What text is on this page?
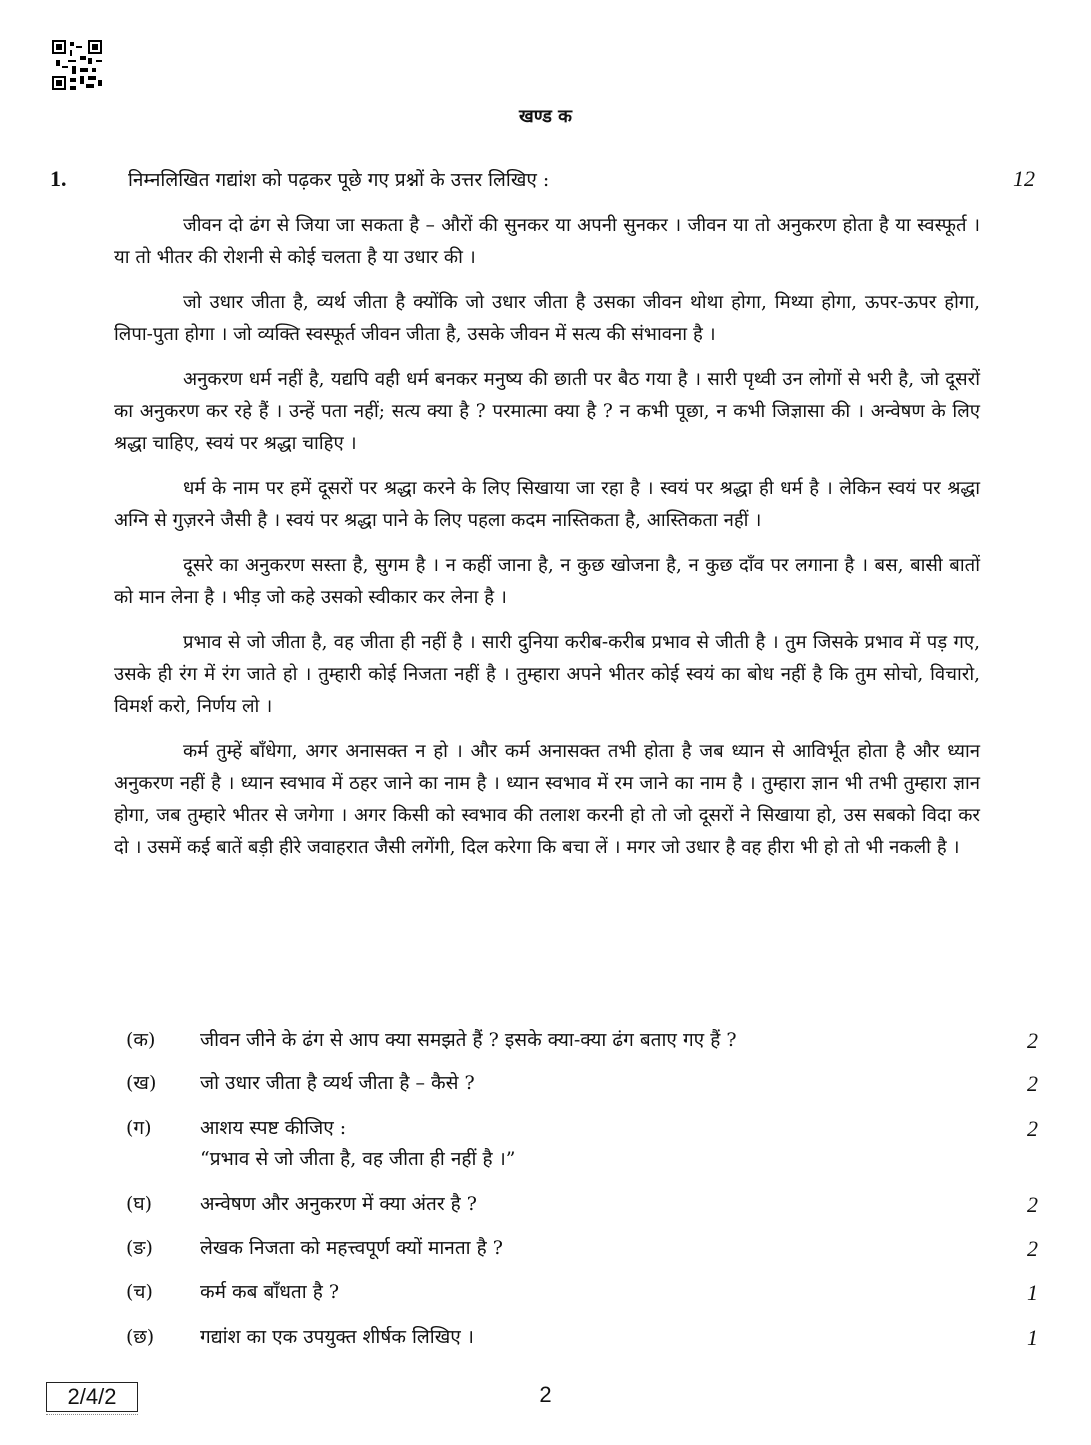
खण्ड क
1.	निम्नलिखित गद्यांश को पढ़कर पूछे गए प्रश्नों के उत्तर लिखिए :	12

जीवन दो ढंग से जिया जा सकता है – औरों की सुनकर या अपनी सुनकर । जीवन या तो अनुकरण होता है या स्वस्फूर्त । या तो भीतर की रोशनी से कोई चलता है या उधार की ।

जो उधार जीता है, व्यर्थ जीता है क्योंकि जो उधार जीता है उसका जीवन थोथा होगा, मिथ्या होगा, ऊपर-ऊपर होगा, लिपा-पुता होगा । जो व्यक्ति स्वस्फूर्त जीवन जीता है, उसके जीवन में सत्य की संभावना है ।

अनुकरण धर्म नहीं है, यद्यपि वही धर्म बनकर मनुष्य की छाती पर बैठ गया है । सारी पृथ्वी उन लोगों से भरी है, जो दूसरों का अनुकरण कर रहे हैं । उन्हें पता नहीं; सत्य क्या है ? परमात्मा क्या है ? न कभी पूछा, न कभी जिज्ञासा की । अन्वेषण के लिए श्रद्धा चाहिए, स्वयं पर श्रद्धा चाहिए ।

धर्म के नाम पर हमें दूसरों पर श्रद्धा करने के लिए सिखाया जा रहा है । स्वयं पर श्रद्धा ही धर्म है । लेकिन स्वयं पर श्रद्धा अग्नि से गुज़रने जैसी है । स्वयं पर श्रद्धा पाने के लिए पहला कदम नास्तिकता है, आस्तिकता नहीं ।

दूसरे का अनुकरण सस्ता है, सुगम है । न कहीं जाना है, न कुछ खोजना है, न कुछ दाँव पर लगाना है । बस, बासी बातों को मान लेना है । भीड़ जो कहे उसको स्वीकार कर लेना है ।

प्रभाव से जो जीता है, वह जीता ही नहीं है । सारी दुनिया करीब-करीब प्रभाव से जीती है । तुम जिसके प्रभाव में पड़ गए, उसके ही रंग में रंग जाते हो । तुम्हारी कोई निजता नहीं है । तुम्हारा अपने भीतर कोई स्वयं का बोध नहीं है कि तुम सोचो, विचारो, विमर्श करो, निर्णय लो ।

कर्म तुम्हें बाँधेगा, अगर अनासक्त न हो । और कर्म अनासक्त तभी होता है जब ध्यान से आविर्भूत होता है और ध्यान अनुकरण नहीं है । ध्यान स्वभाव में ठहर जाने का नाम है । ध्यान स्वभाव में रम जाने का नाम है । तुम्हारा ज्ञान भी तभी तुम्हारा ज्ञान होगा, जब तुम्हारे भीतर से जगेगा । अगर किसी को स्वभाव की तलाश करनी हो तो जो दूसरों ने सिखाया हो, उस सबको विदा कर दो । उसमें कई बातें बड़ी हीरे जवाहरात जैसी लगेंगी, दिल करेगा कि बचा लें । मगर जो उधार है वह हीरा भी हो तो भी नकली है ।

(क) जीवन जीने के ढंग से आप क्या समझते हैं ? इसके क्या-क्या ढंग बताए गए हैं ?	2
(ख) जो उधार जीता है व्यर्थ जीता है – कैसे ?	2
(ग)	आशय स्पष्ट कीजिए :
“प्रभाव से जो जीता है, वह जीता ही नहीं है ।”
2
(घ)	अन्वेषण और अनुकरण में क्या अंतर है ?	2
(ङ) लेखक निजता को महत्त्वपूर्ण क्यों मानता है ?	2
(च) कर्म कब बाँधता है ?	1
(छ) गद्यांश का एक उपयुक्त शीर्षक लिखिए ।	1
2/4/2	2
